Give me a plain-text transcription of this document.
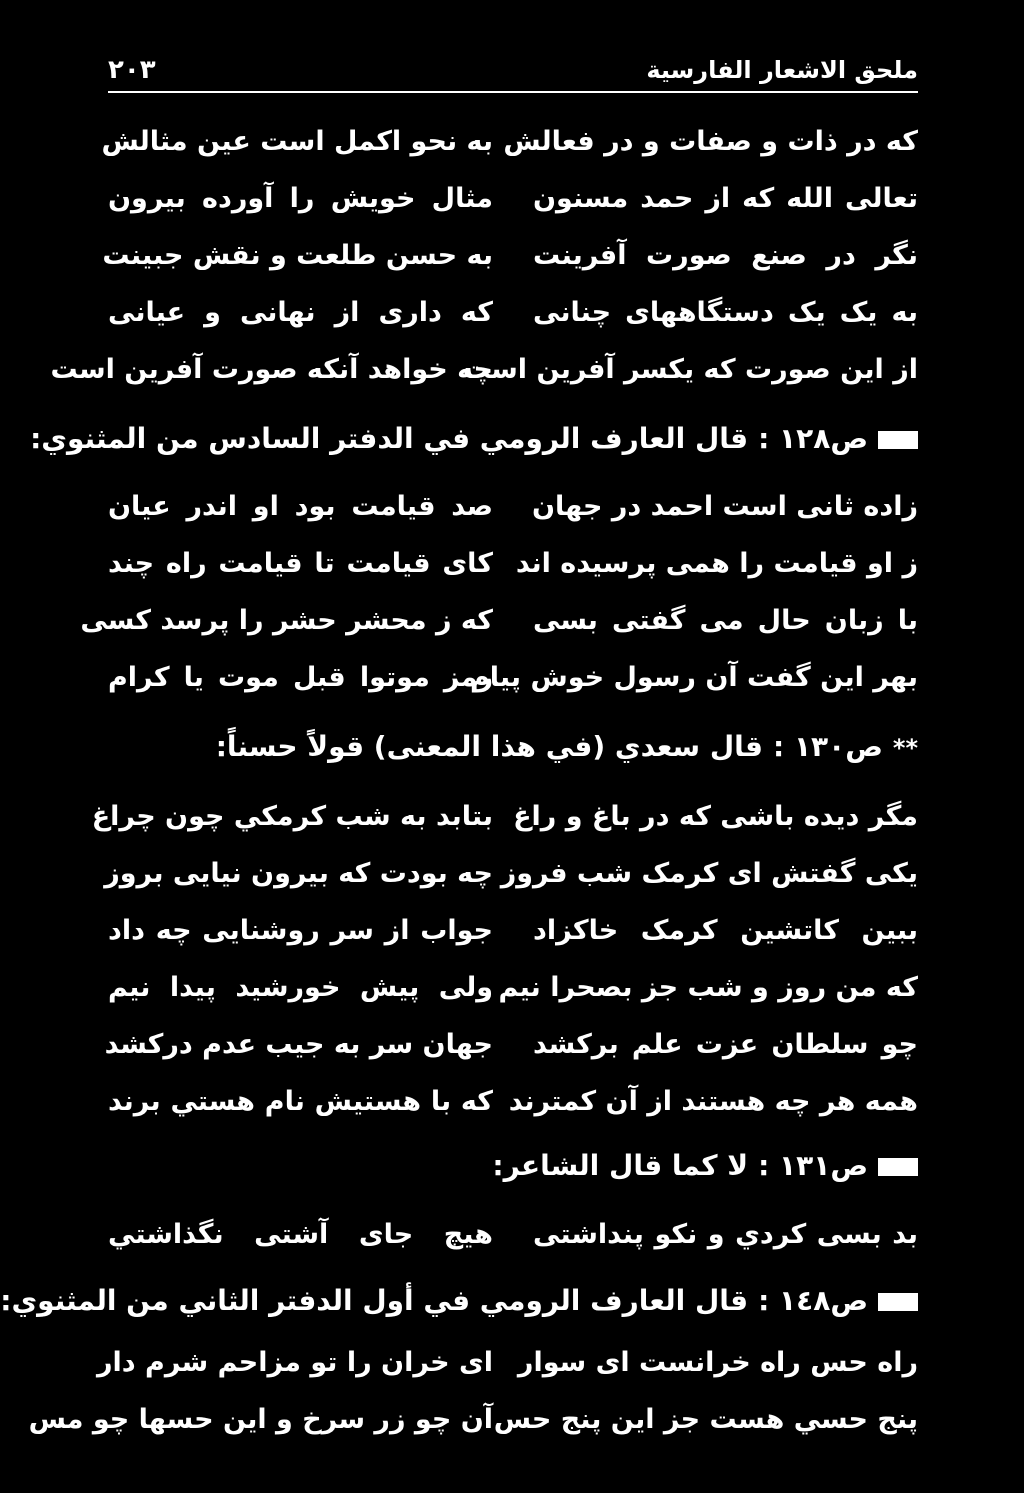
ملحق الاشعار الفارسية
٢٠٣
که در ذات و صفات و در فعالش
به نحو اکمل است عین مثالش
تعالی الله که از حمد مسنون
مثال خویش را آورده بیرون
نگر در صنع صورت آفرینت
به حسن طلعت و نقش جبینت
به یک یک دستگاههای چنانی
که داری از نهانی و عیانی
از این صورت که یکسر آفرین است
چه خواهد آنکه صورت آفرین است
ص١٢٨ :قال العارف الرومي في الدفتر السادس من المثنوي:
زاده ثانی است احمد در جهان
صد قیامت بود او اندر عیان
ز او قیامت را همی پرسیده اند
کای قیامت تا قیامت راه چند
با زبان حال می گفتی بسی
که ز محشر حشر را پرسد کسی
بهر این گفت آن رسول خوش پیام
رمز موتوا قبل موت یا کرام
**ص١٣٠ :قال سعدي (في هذا المعنى) قولاً حسناً:
مگر دیده باشی که در باغ و راغ
بتابد به شب کرمکي چون چراغ
یکی گفتش ای کرمک شب فروز
چه بودت که بیرون نیایی بروز
ببین کاتشین کرمک خاکزاد
جواب از سر روشنایی چه داد
که من روز و شب جز بصحرا نیم
ولی پیش خورشید پیدا نیم
چو سلطان عزت علم برکشد
جهان سر به جیب عدم درکشد
همه هر چه هستند از آن کمترند
که با هستیش نام هستي برند
ص١٣١ :لا كما قال الشاعر:
بد بسی کردي و نکو پنداشتی
هیچ جای آشتی نگذاشتي
ص١٤٨ :قال العارف الرومي في أول الدفتر الثاني من المثنوي:
راه حس راه خرانست ای سوار
ای خران را تو مزاحم شرم دار
پنج حسي هست جز این پنج حس
آن چو زر سرخ و این حسها چو مس
